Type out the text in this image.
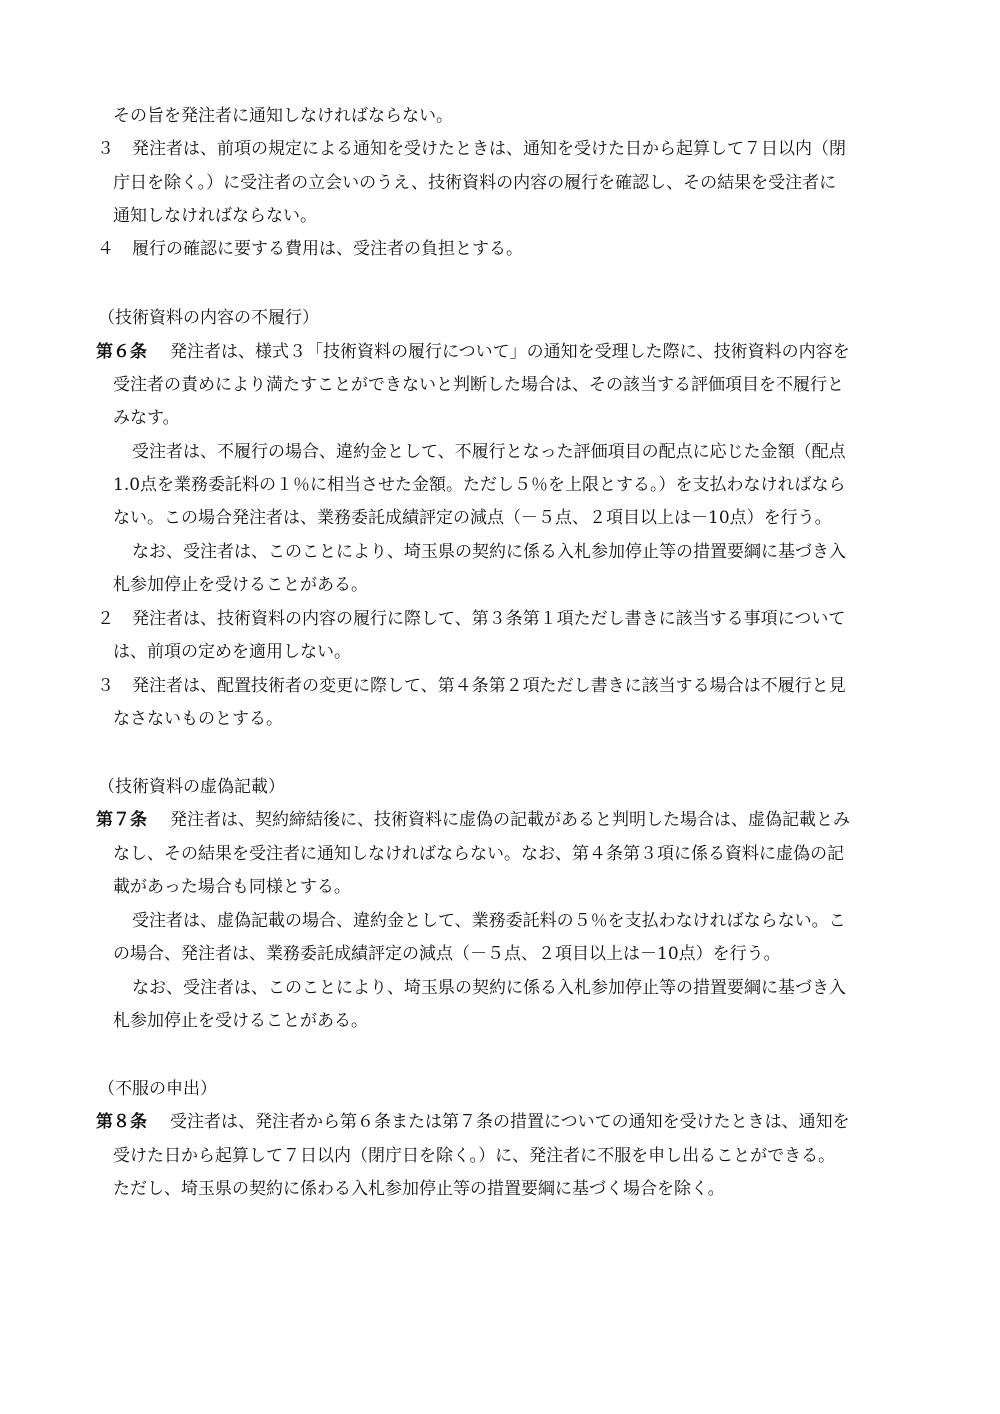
その旨を発注者に通知しなければならない。
３ 発注者は、前項の規定による通知を受けたときは、通知を受けた日から起算して７日以内（閉
庁日を除く。）に受注者の立会いのうえ、技術資料の内容の履行を確認し、その結果を受注者に
通知しなければならない。
４ 履行の確認に要する費用は、受注者の負担とする。
（技術資料の内容の不履行）
第６条 発注者は、様式３「技術資料の履行について」の通知を受理した際に、技術資料の内容を
受注者の責めにより満たすことができないと判断した場合は、その該当する評価項目を不履行と
みなす。
受注者は、不履行の場合、違約金として、不履行となった評価項目の配点に応じた金額（配点
1.0点を業務委託料の１％に相当させた金額。ただし５％を上限とする。）を支払わなければなら
ない。この場合発注者は、業務委託成績評定の減点（－５点、２項目以上は－10点）を行う。
なお、受注者は、このことにより、埼玉県の契約に係る入札参加停止等の措置要綱に基づき入
札参加停止を受けることがある。
２ 発注者は、技術資料の内容の履行に際して、第３条第１項ただし書きに該当する事項について
は、前項の定めを適用しない。
３ 発注者は、配置技術者の変更に際して、第４条第２項ただし書きに該当する場合は不履行と見
なさないものとする。
（技術資料の虚偽記載）
第７条 発注者は、契約締結後に、技術資料に虚偽の記載があると判明した場合は、虚偽記載とみ
なし、その結果を受注者に通知しなければならない。なお、第４条第３項に係る資料に虚偽の記
載があった場合も同様とする。
受注者は、虚偽記載の場合、違約金として、業務委託料の５％を支払わなければならない。こ
の場合、発注者は、業務委託成績評定の減点（－５点、２項目以上は－10点）を行う。
なお、受注者は、このことにより、埼玉県の契約に係る入札参加停止等の措置要綱に基づき入
札参加停止を受けることがある。
（不服の申出）
第８条 受注者は、発注者から第６条または第７条の措置についての通知を受けたときは、通知を
受けた日から起算して７日以内（閉庁日を除く。）に、発注者に不服を申し出ることができる。
ただし、埼玉県の契約に係わる入札参加停止等の措置要綱に基づく場合を除く。
